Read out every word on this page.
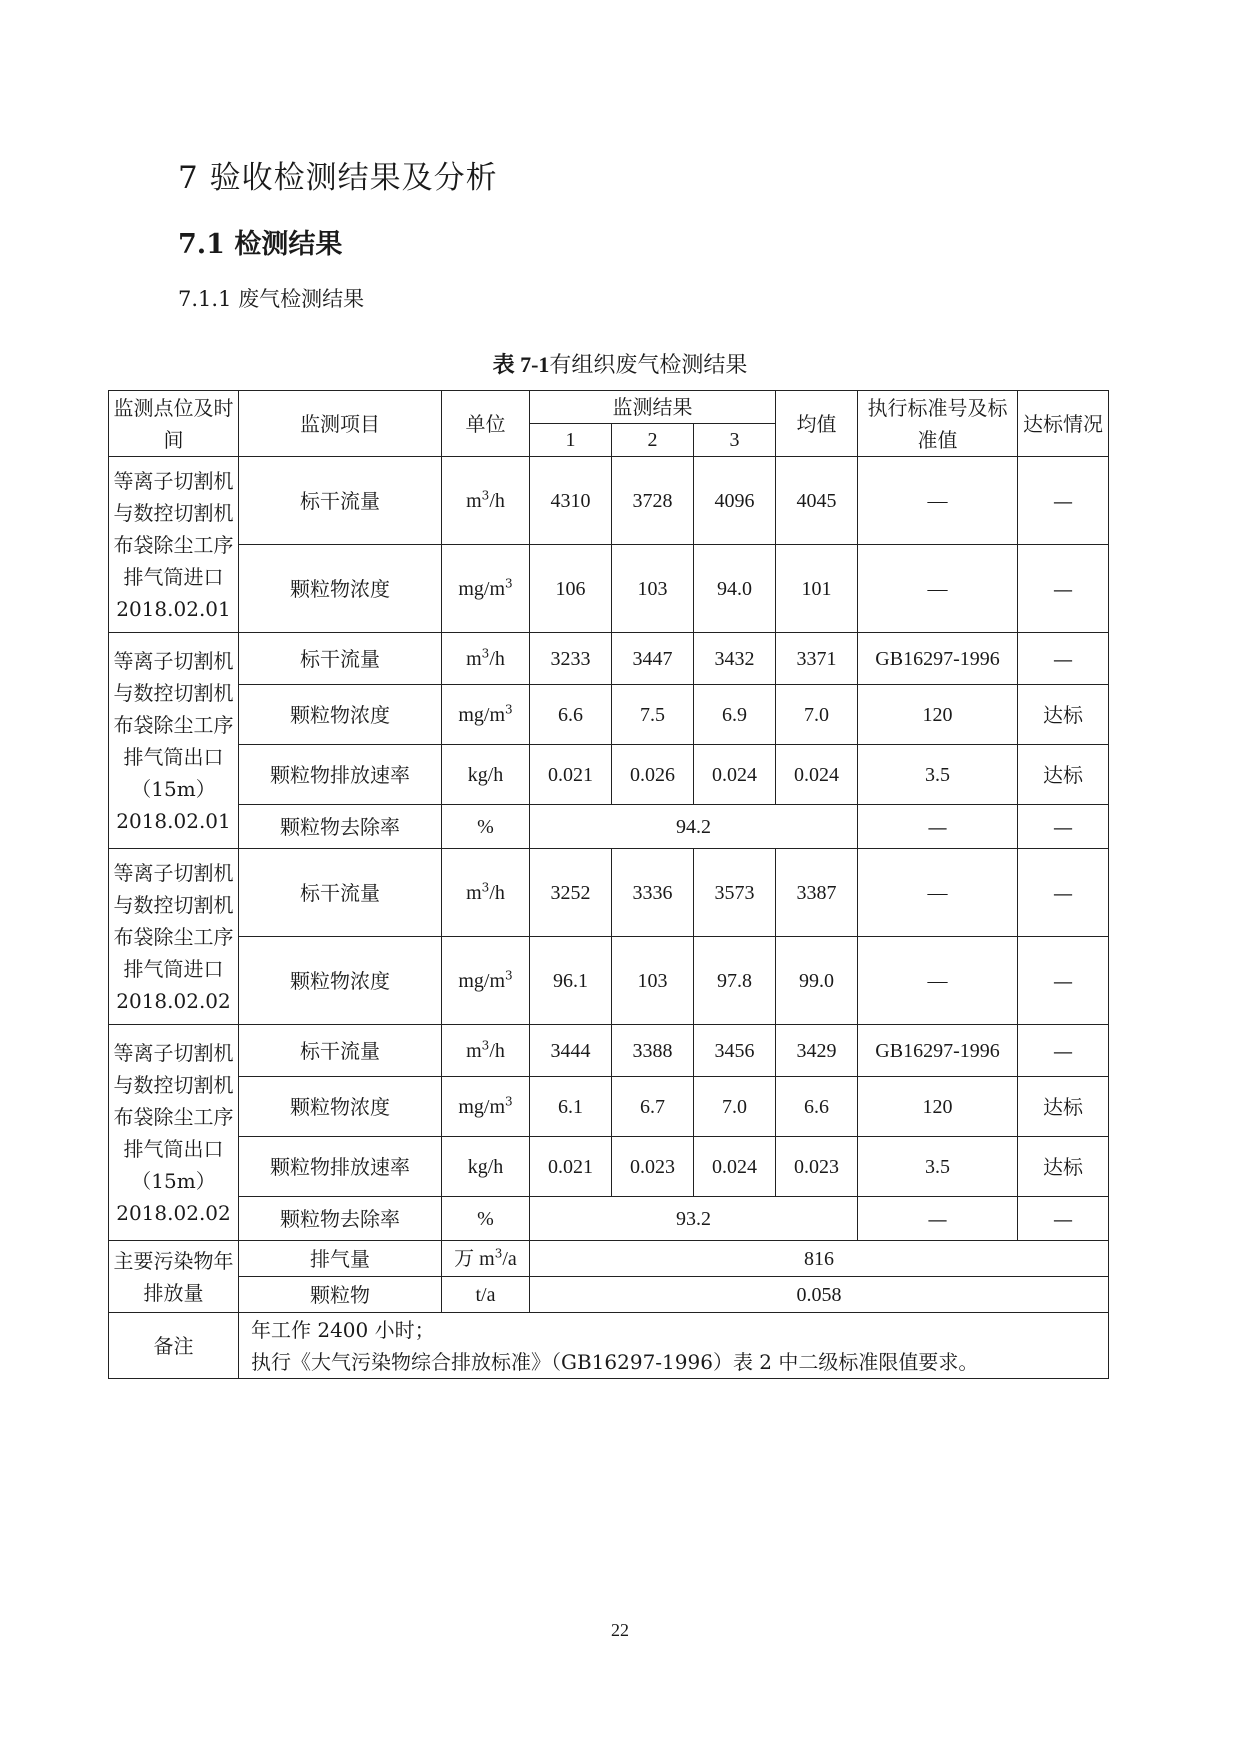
7 验收检测结果及分析
7.1 检测结果
7.1.1 废气检测结果
表 7-1有组织废气检测结果
监测点位及时间	监测项目	单位	监测结果			均值	执行标准号及标准值	达标情况
			1	2	3			
等离子切割机与数控切割机布袋除尘工序排气筒进口2018.02.01	标干流量	$m^3/h$	4310	3728	4096	4045	—	—
	颗粒物浓度	$mg/m^3$	106	103	94.0	101	—	—
等离子切割机与数控切割机布袋除尘工序排气筒出口（15m）2018.02.01	标干流量	$m^3/h$	3233	3447	3432	3371	GB16297-1996	—
	颗粒物浓度	$mg/m^3$	6.6	7.5	6.9	7.0	120	达标
	颗粒物排放速率	kg/h	0.021	0.026	0.024	0.024	3.5	达标
	颗粒物去除率	%	94.2				—	—
等离子切割机与数控切割机布袋除尘工序排气筒进口2018.02.02	标干流量	$m^3/h$	3252	3336	3573	3387	—	—
	颗粒物浓度	$mg/m^3$	96.1	103	97.8	99.0	—	—
等离子切割机与数控切割机布袋除尘工序排气筒出口（15m）2018.02.02	标干流量	$m^3/h$	3444	3388	3456	3429	GB16297-1996	—
	颗粒物浓度	$mg/m^3$	6.1	6.7	7.0	6.6	120	达标
	颗粒物排放速率	kg/h	0.021	0.023	0.024	0.023	3.5	达标
	颗粒物去除率	%	93.2				—	—
主要污染物年排放量	排气量	万 $m^3/a$	816					
	颗粒物	t/a	0.058					
备注	年工作 2400 小时；
执行《大气污染物综合排放标准》（GB16297-1996）表 2 中二级标准限值要求。							
22
